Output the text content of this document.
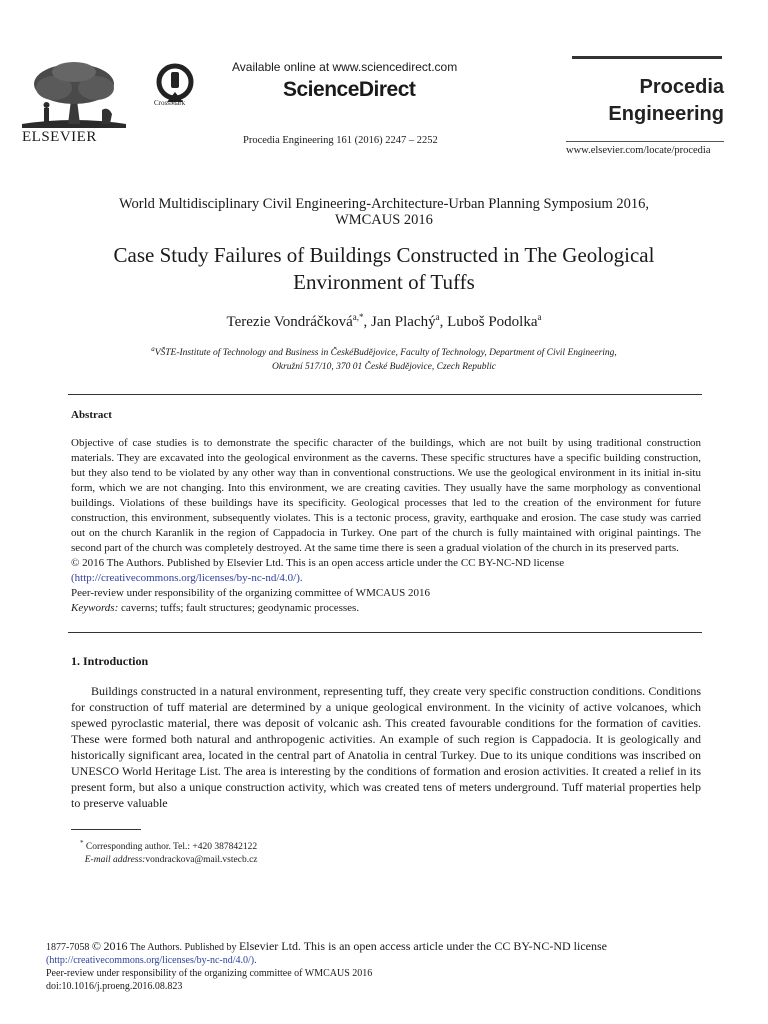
ELSEVIER
CrossMark
Available online at www.sciencedirect.com
ScienceDirect
Procedia Engineering 161 (2016) 2247 – 2252
Procedia
Engineering
www.elsevier.com/locate/procedia
World Multidisciplinary Civil Engineering-Architecture-Urban Planning Symposium 2016,
WMCAUS 2016
Case Study Failures of Buildings Constructed in The Geological
Environment of Tuffs
Terezie Vondráčková$^{a,*}$, Jan Plachý$^a$, Luboš Podolka$^a$
$^a$VŠTE-Institute of Technology and Business in ČeskéBudějovice, Faculty of Technology, Department of Civil Engineering,
Okružní 517/10, 370 01 České Budějovice, Czech Republic
Abstract

Objective of case studies is to demonstrate the specific character of the buildings, which are not built by using traditional construction materials. They are excavated into the geological environment as the caverns. These specific structures have a specific building construction, but they also tend to be violated by any other way than in conventional constructions. We use the geological environment in its initial in-situ form, which we are not changing. Into this environment, we are creating cavities. They usually have the same morphology as conventional buildings. Violations of these buildings have its specificity. Geological processes that led to the creation of the environment for future construction, this environment, subsequently violates. This is a tectonic process, gravity, earthquake and erosion. The case study was carried out on the church Karanlik in the region of Cappadocia in Turkey. One part of the church is fully maintained with original paintings. The second part of the church was completely destroyed. At the same time there is seen a gradual violation of the church in its preserved parts.

© 2016 The Authors. Published by Elsevier Ltd. This is an open access article under the CC BY-NC-ND license

(http://creativecommons.org/licenses/by-nc-nd/4.0/).

Peer-review under responsibility of the organizing committee of WMCAUS 2016

Keywords: caverns; tuffs; fault structures; geodynamic processes.

1. Introduction

Buildings constructed in a natural environment, representing tuff, they create very specific construction conditions. Conditions for construction of tuff material are determined by a unique geological environment. In the vicinity of active volcanoes, which spewed pyroclastic material, there was deposit of volcanic ash. This created favourable conditions for the formation of cavities. These were formed both natural and anthropogenic activities. An example of such region is Cappadocia. It is geologically and historically significant area, located in the central part of Anatolia in central Turkey. Due to its unique conditions was inscribed on UNESCO World Heritage List. The area is interesting by the conditions of formation and erosion activities. It created a relief in its present form, but also a unique construction activity, which was created tens of meters underground. Tuff material properties help to preserve valuable

* Corresponding author. Tel.: +420 387842122
E-mail address:vondrackova@mail.vstecb.cz
1877-7058 © 2016 The Authors. Published by Elsevier Ltd. This is an open access article under the CC BY-NC-ND license
(http://creativecommons.org/licenses/by-nc-nd/4.0/).
Peer-review under responsibility of the organizing committee of WMCAUS 2016
doi:10.1016/j.proeng.2016.08.823
